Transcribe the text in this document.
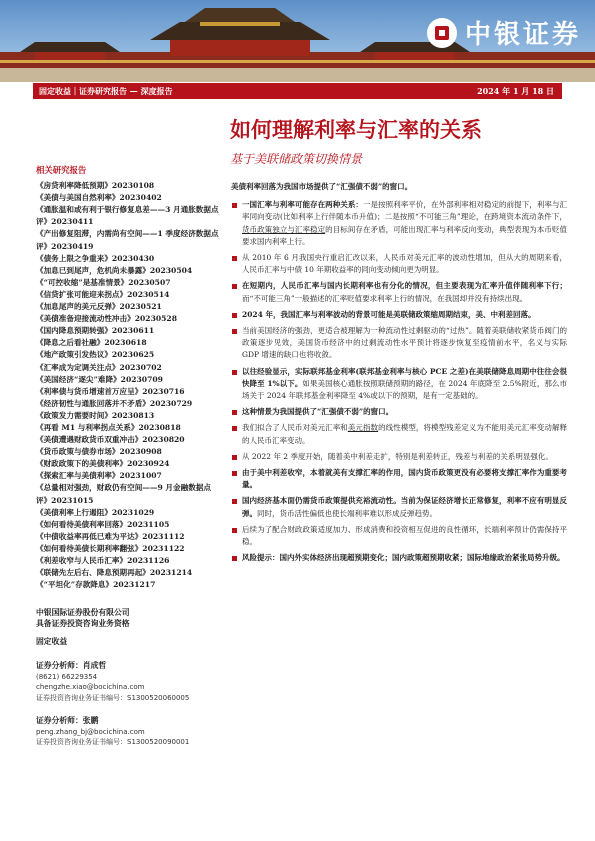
中银证券
固定收益｜证券研究报告 — 深度报告	2024 年 1 月 18 日
如何理解利率与汇率的关系
基于美联储政策切换情景
相关研究报告
《房贷利率降低预期》20230108
《美债与美国自然利率》20230402
《通胀温和或有利于银行修复息差——3 月通胀数据点评》20230411
《产出修复阻滞，内需尚有空间——1 季度经济数据点评》20230419
《债务上限之争重来》20230430
《加息已到尾声，危机尚未暴露》20230504
《“可控收缩”是基准情景》20230507
《信贷扩张可能迎来拐点》20230514
《加息尾声的美元反弹》20230521
《美债准备迎接流动性冲击》20230528
《国内降息预期转强》20230611
《降息之后看社融》20230618
《地产政策引发热议》20230625
《汇率成为定调关注点》20230702
《美国经济“逐尖”难降》20230709
《利率债与货币增速首万应呈》20230716
《经济韧性与通胀回落并不矛盾》20230729
《政策发力需要时间》20230813
《再看 M1 与利率拐点关系》20230818
《美债遭遇财政货币双重冲击》20230820
《货币政策与债券市场》20230908
《财政政策下的美债利率》20230924
《探索汇率与美债利率》20231007
《总量相对强劲，财政仍有空间——9 月金融数据点评》20231015
《美债利率上行遏阻》20231029
《如何看待美债利率回落》20231105
《中债收益率再低已难为平达》20231112
《如何看待美债长期利率翻弦》20231122
《利差收窄与人民币汇率》20231126
《联储先左后右、降息预期再起》20231214
《“平坦化”存款降息》20231217
中银国际证券股份有限公司
具备证券投资咨询业务资格
固定收益
证券分析师：肖成哲
(8621) 66229354
chengzhe.xiao@bocichina.com
证券投资咨询业务证书编号：S1300520060005
证券分析师：张鹏
peng.zhang_bj@bocichina.com
证券投资咨询业务证书编号：S1300520090001
美债利率回落为我国市场提供了“汇强债不弱”的窗口。
一国汇率与利率可能存在两种关系：一是按照利率平价，在外部利率相对稳定的前提下，利率与汇率同向变动(比如利率上行伴随本币升值)；二是按照“不可能三角”理论，在跨境资本流动条件下，货币政策独立与汇率稳定的目标间存在矛盾，可能出现汇率与利率反向变动，典型表现为本币贬值要求国内利率上行。
从 2010 年 6 月我国央行重启汇改以来，人民币对美元汇率的波动性增加，但从大的周期来看，人民币汇率与中债 10 年期收益率的同向变动倾向更为明显。
在短期内，人民币汇率与国内长期利率也有分化的情况，但主要表现为汇率升值伴随利率下行；而“不可能三角”一般描述的汇率贬值要求利率上行的情况，在我国却并没有持续出现。
2024 年，我国汇率与利率波动的背景可能是美联储政策缩周期结束，美、中利差回落。
当前美国经济的强劲，更适合被理解为一种流动性过剩驱动的“过热”。随着美联储收紧货币阀门的政策逐步见效，美国货币经济中的过剩流动性水平预计将逐步恢复至疫情前水平，名义与实际 GDP 增速的缺口也将收敛。
以往经验显示，实际联邦基金利率(联邦基金利率与核心 PCE 之差)在美联储降息周期中往往会很快降至 1%以下。如果美国核心通胀按照联储预期的路径，在 2024 年底降至 2.5%附近，那么市场关于 2024 年联邦基金利率降至 4%或以下的预期，是有一定基础的。
这种情景为我国提供了“汇强债不弱”的窗口。
我们拟合了人民币对美元汇率和美元指数的线性模型，将模型残差定义为不能用美元汇率变动解释的人民币汇率变动。
从 2022 年 2 季度开始，随着美中利差走扩，特别是利差转正，残差与利差的关系明显强化。
由于美中利差收窄，本着就美有支撑汇率的作用，国内货币政策更没有必要将支撑汇率作为重要考量。
国内经济基本面仍需货币政策提供充裕流动性。当前为保证经济增长正常修复，利率不应有明显反弹。同时，货币活性偏低也使长端利率难以形成反弹趋势。
后续为了配合财政政策适度加力、形成消费和投资相互促进的良性循环，长端利率预计仍需保持平稳。
风险提示：国内外实体经济出现超预期变化；国内政策超预期收紧；国际地缘政治紧张局势升级。
